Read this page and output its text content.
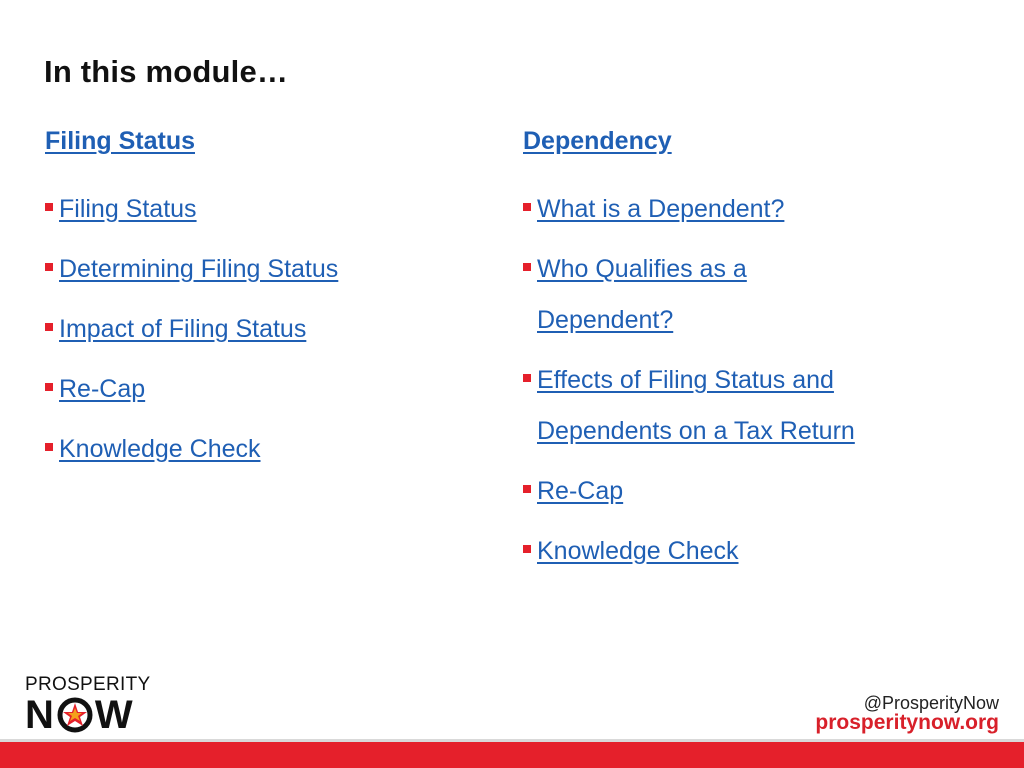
In this module…
Filing Status
Filing Status
Determining Filing Status
Impact of Filing Status
Re-Cap
Knowledge Check
Dependency
What is a Dependent?
Who Qualifies as a Dependent?
Effects of Filing Status and Dependents on a Tax Return
Re-Cap
Knowledge Check
PROSPERITY
N W	@ProsperityNow
prosperitynow.org
